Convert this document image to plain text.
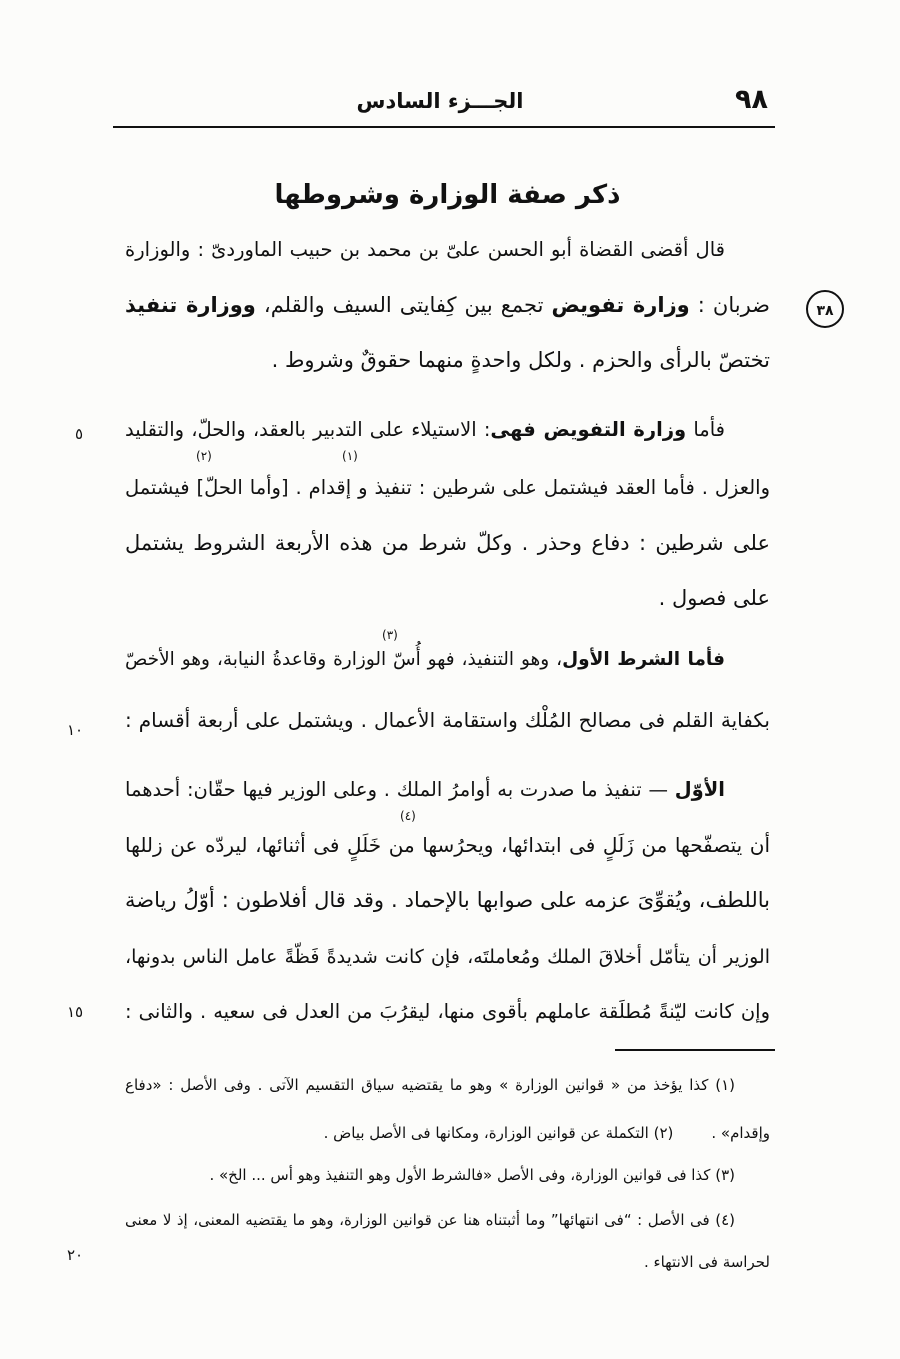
٩٨
الجـــزء السادس
ذكر صفة الوزارة وشروطها
٣٨
٥
١٠
١٥
٢٠
قال أقضى القضاة أبو الحسن علىّ بن محمد بن حبيب الماوردىّ : والوزارة
ضربان : وزارة تفويض تجمع بين كِفايتى السيف والقلم، ووزارة تنفيذ
تختصّ بالرأى والحزم . ولكل واحدةٍ منهما حقوقٌ وشروط .
فأما وزارة التفويض فهى: الاستيلاء على التدبير بالعقد، والحلّ، والتقليد
(١)
(٢)
والعزل . فأما العقد فيشتمل على شرطين : تنفيذ و إقدام . [وأما الحلّ] فيشتمل
على شرطين : دفاع وحذر . وكلّ شرط من هذه الأربعة الشروط يشتمل
على فصول .
(٣)
فأما الشرط الأول، وهو التنفيذ، فهو أُسّ الوزارة وقاعدةُ النيابة، وهو الأخصّ
بكفاية القلم فى مصالح المُلْك واستقامة الأعمال . ويشتمل على أربعة أقسام :
الأوّل — تنفيذ ما صدرت به أوامرُ الملك . وعلى الوزير فيها حقّان: أحدهما
(٤)
أن يتصفّحها من زَلَلٍ فى ابتدائها، ويحرُسها من خَلَلٍ فى أثنائها، ليردّه عن زللها
باللطف، ويُقوِّىَ عزمه على صوابها بالإحماد . وقد قال أفلاطون : أوّلُ رياضة
الوزير أن يتأمّل أخلاقَ الملك ومُعاملتَه، فإن كانت شديدةً فَظّةً عامل الناس بدونها،
وإن كانت ليّنةً مُطلَقة عاملهم بأقوى منها، ليقرُبَ من العدل فى سعيه . والثانى :
(١) كذا يؤخذ من « قوانين الوزارة » وهو ما يقتضيه سياق التقسيم الآتى . وفى الأصل : «دفاع
وإقدام» .(٢) التكملة عن قوانين الوزارة، ومكانها فى الأصل بياض .
(٣) كذا فى قوانين الوزارة، وفى الأصل «فالشرط الأول وهو التنفيذ وهو أس ... الخ» .
(٤) فى الأصل : “فى انتهائها” وما أثبتناه هنا عن قوانين الوزارة، وهو ما يقتضيه المعنى، إذ لا معنى
لحراسة فى الانتهاء .
